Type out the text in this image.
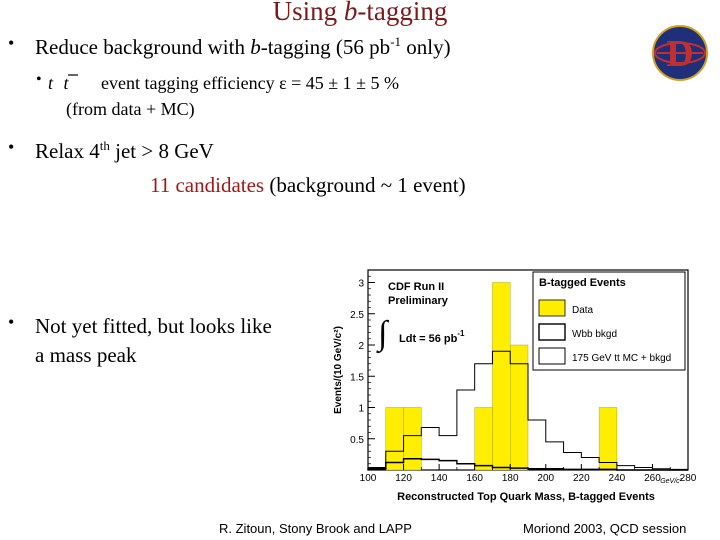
Using b-tagging
• Reduce background with b-tagging (56 $pb^{-1}$ only)
• t t event tagging efficiency ε = 45 ± 1 ± 5 %
(from data + MC)
• Relax 4th jet > 8 GeV
11 candidates (background ~ 1 event)
• Not yet fitted, but looks like
a mass peak
D
100 120 140 160 180 200 220 240 260 280
0.5
1
1.5
2
2.5
3
Events/(10 GeV/c²)
Reconstructed Top Quark Mass, B-tagged Events
GeV/c²
CDF Run II
Preliminary
∫ Ldt = 56 $pb^{-1}$
B-tagged Events
Data
Wbb bkgd
175 GeV tt MC + bkgd
R. Zitoun, Stony Brook and LAPP	Moriond 2003, QCD session
